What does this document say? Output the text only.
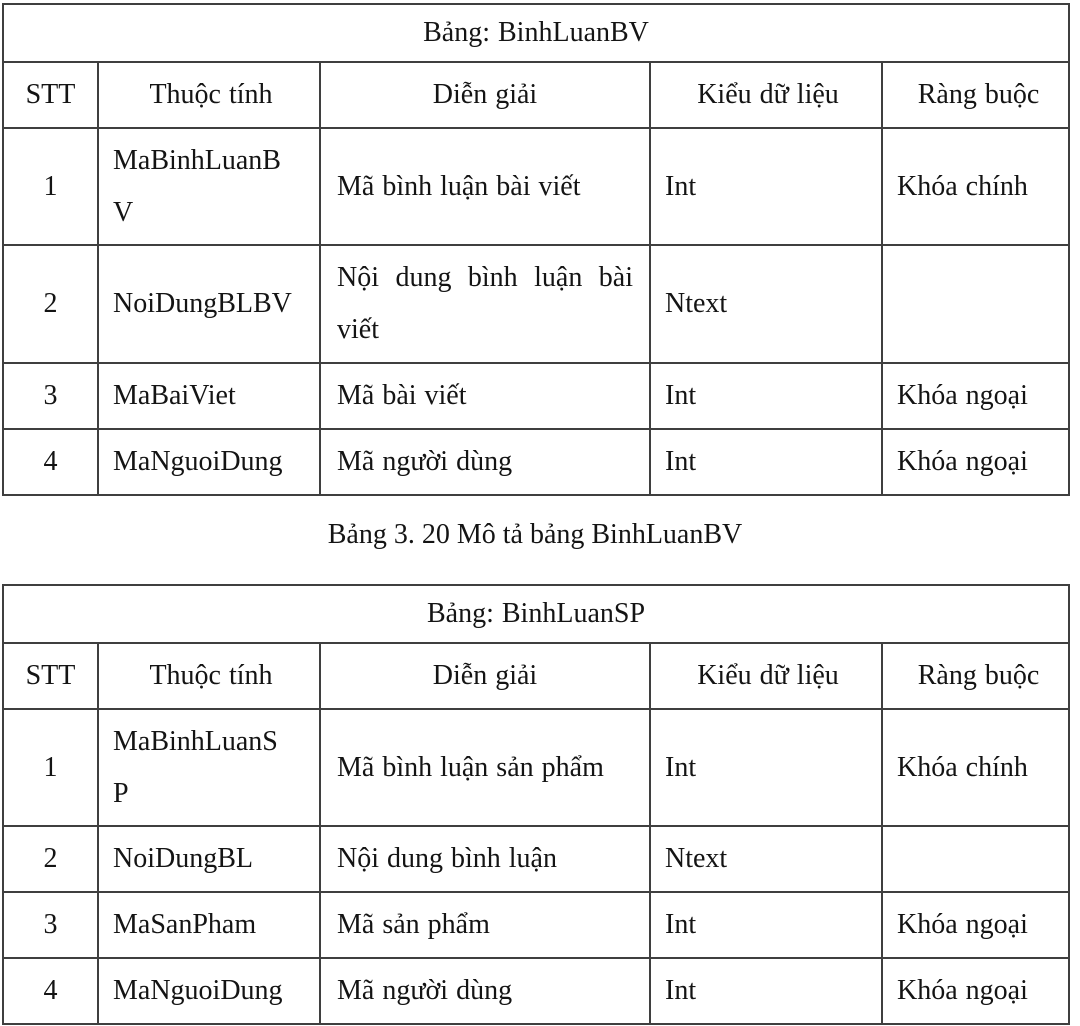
Bảng: BinhLuanBV				
STT	Thuộc tính	Diễn giải	Kiểu dữ liệu	Ràng buộc
1	MaBinhLuanBV	Mã bình luận bài viết	Int	Khóa chính
2	NoiDungBLBV	Nội dung bình luận bài viết	Ntext	
3	MaBaiViet	Mã bài viết	Int	Khóa ngoại
4	MaNguoiDung	Mã người dùng	Int	Khóa ngoại
Bảng 3. 20 Mô tả bảng BinhLuanBV
Bảng: BinhLuanSP				
STT	Thuộc tính	Diễn giải	Kiểu dữ liệu	Ràng buộc
1	MaBinhLuanSP	Mã bình luận sản phẩm	Int	Khóa chính
2	NoiDungBL	Nội dung bình luận	Ntext	
3	MaSanPham	Mã sản phẩm	Int	Khóa ngoại
4	MaNguoiDung	Mã người dùng	Int	Khóa ngoại
